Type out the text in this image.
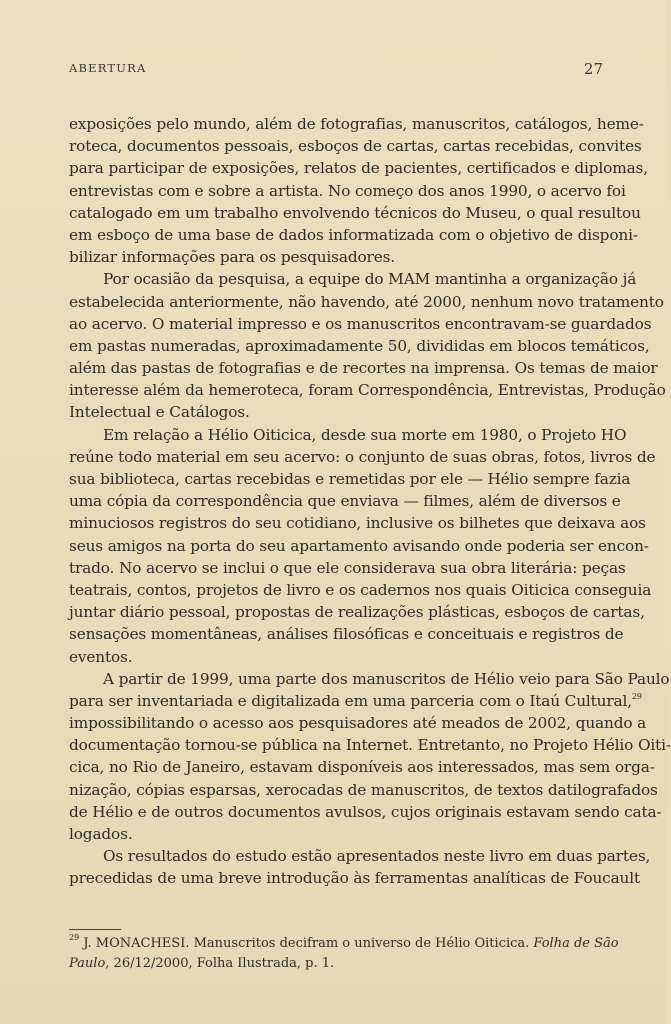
ABERTURA	27
exposições pelo mundo, além de fotografias, manuscritos, catálogos, heme-
roteca, documentos pessoais, esboços de cartas, cartas recebidas, convites
para participar de exposições, relatos de pacientes, certificados e diplomas,
entrevistas com e sobre a artista. No começo dos anos 1990, o acervo foi
catalogado em um trabalho envolvendo técnicos do Museu, o qual resultou
em esboço de uma base de dados informatizada com o objetivo de disponi-
bilizar informações para os pesquisadores.
Por ocasião da pesquisa, a equipe do MAM mantinha a organização já
estabelecida anteriormente, não havendo, até 2000, nenhum novo tratamento
ao acervo. O material impresso e os manuscritos encontravam-se guardados
em pastas numeradas, aproximadamente 50, divididas em blocos temáticos,
além das pastas de fotografias e de recortes na imprensa. Os temas de maior
interesse além da hemeroteca, foram Correspondência, Entrevistas, Produção
Intelectual e Catálogos.
Em relação a Hélio Oiticica, desde sua morte em 1980, o Projeto HO
reúne todo material em seu acervo: o conjunto de suas obras, fotos, livros de
sua biblioteca, cartas recebidas e remetidas por ele — Hélio sempre fazia
uma cópia da correspondência que enviava — filmes, além de diversos e
minuciosos registros do seu cotidiano, inclusive os bilhetes que deixava aos
seus amigos na porta do seu apartamento avisando onde poderia ser encon-
trado. No acervo se inclui o que ele considerava sua obra literária: peças
teatrais, contos, projetos de livro e os cadernos nos quais Oiticica conseguia
juntar diário pessoal, propostas de realizações plásticas, esboços de cartas,
sensações momentâneas, análises filosóficas e conceituais e registros de
eventos.
A partir de 1999, uma parte dos manuscritos de Hélio veio para São Paulo
para ser inventariada e digitalizada em uma parceria com o Itaú Cultural,$^{29}$
impossibilitando o acesso aos pesquisadores até meados de 2002, quando a
documentação tornou-se pública na Internet. Entretanto, no Projeto Hélio Oiti-
cica, no Rio de Janeiro, estavam disponíveis aos interessados, mas sem orga-
nização, cópias esparsas, xerocadas de manuscritos, de textos datilografados
de Hélio e de outros documentos avulsos, cujos originais estavam sendo cata-
logados.
Os resultados do estudo estão apresentados neste livro em duas partes,
precedidas de uma breve introdução às ferramentas analíticas de Foucault
$^{29}$ J. MONACHESI. Manuscritos decifram o universo de Hélio Oiticica. Folha de São
Paulo, 26/12/2000, Folha Ilustrada, p. 1.
